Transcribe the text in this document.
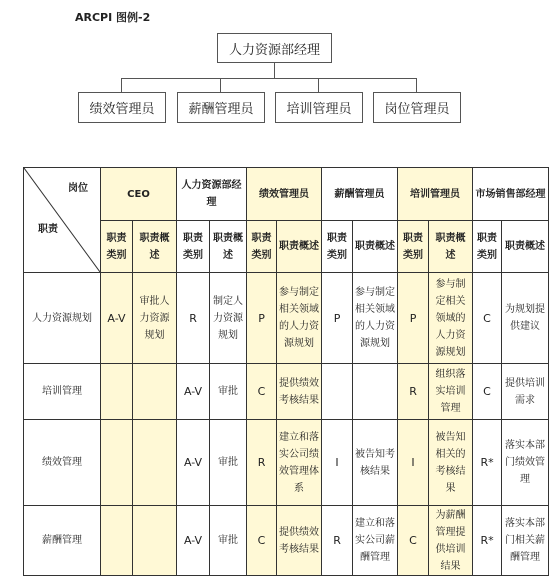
ARCPI 图例-2
人力资源部经理
绩效管理员	薪酬管理员	培训管理员	岗位管理员
岗位
职责	CEO		人力资源部经理		绩效管理员		薪酬管理员		培训管理员		市场销售部经理	
	职责类别	职责概述	职责类别	职责概述	职责类别	职责概述	职责类别	职责概述	职责类别	职责概述	职责类别	职责概述
人力资源规划	A-V	审批人力资源规划	R	制定人力资源规划	P	参与制定相关领域的人力资源规划	P	参与制定相关领域的人力资源规划	P	参与制定相关领域的人力资源规划	C	为规划提供建议
培训管理			A-V	审批	C	提供绩效考核结果			R	组织落实培训管理	C	提供培训需求
绩效管理			A-V	审批	R	建立和落实公司绩效管理体系	I	被告知考核结果	I	被告知相关的考核结果	R*	落实本部门绩效管理
薪酬管理			A-V	审批	C	提供绩效考核结果	R	建立和落实公司薪酬管理	C	为薪酬管理提供培训结果	R*	落实本部门相关薪酬管理
